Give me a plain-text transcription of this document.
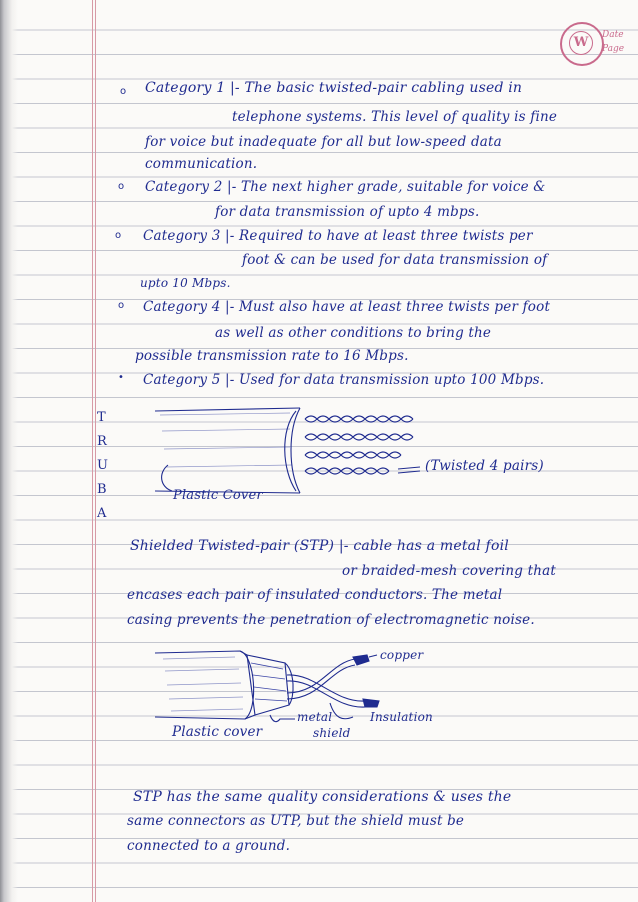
W	Date
Page
o
o
o
o
•
Category 1 |- The basic twisted-pair cabling used in
telephone systems. This level of quality is fine
for voice but inadequate for all but low-speed data
communication.
Category 2 |- The next higher grade, suitable for voice &
for data transmission of upto 4 mbps.
Category 3 |- Required to have at least three twists per
foot & can be used for data transmission of
upto 10 Mbps.
Category 4 |- Must also have at least three twists per foot
as well as other conditions to bring the
possible transmission rate to 16 Mbps.
Category 5 |- Used for data transmission upto 100 Mbps.
T
R
U
B
A
(Twisted 4 pairs)
Plastic Cover
Shielded Twisted-pair (STP) |- cable has a metal foil
or braided-mesh covering that
encases each pair of insulated conductors. The metal
casing prevents the penetration of electromagnetic noise.
copper
metal
shield
Insulation
Plastic cover
STP has the same quality considerations & uses the
same connectors as UTP, but the shield must be
connected to a ground.
